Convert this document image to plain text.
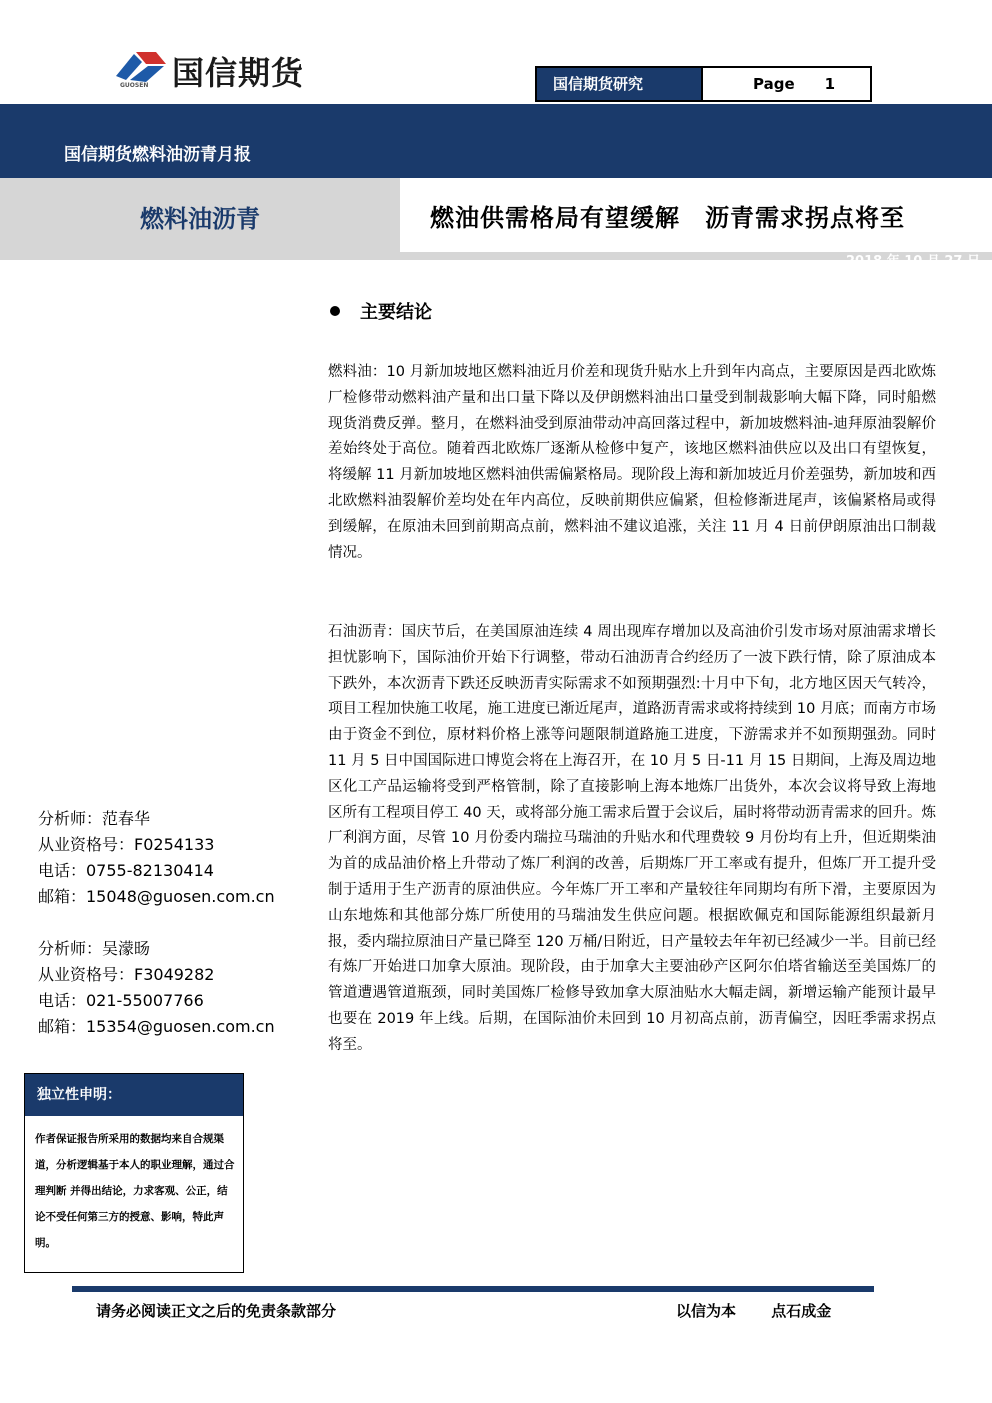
国信期货
GUOSEN	国信期货研究	Page 1
国信期货燃料油沥青月报
燃料油沥青	燃油供需格局有望缓解　沥青需求拐点将至
2018 年 10 月 27 日
主要结论
燃料油：10 月新加坡地区燃料油近月价差和现货升贴水上升到年内高点，主要原因是西北欧炼厂检修带动燃料油产量和出口量下降以及伊朗燃料油出口量受到制裁影响大幅下降，同时船燃现货消费反弹。整月，在燃料油受到原油带动冲高回落过程中，新加坡燃料油-迪拜原油裂解价差始终处于高位。随着西北欧炼厂逐渐从检修中复产，该地区燃料油供应以及出口有望恢复，将缓解 11 月新加坡地区燃料油供需偏紧格局。现阶段上海和新加坡近月价差强势，新加坡和西北欧燃料油裂解价差均处在年内高位，反映前期供应偏紧，但检修渐进尾声，该偏紧格局或得到缓解，在原油未回到前期高点前，燃料油不建议追涨，关注 11 月 4 日前伊朗原油出口制裁情况。
石油沥青：国庆节后，在美国原油连续 4 周出现库存增加以及高油价引发市场对原油需求增长担忧影响下，国际油价开始下行调整，带动石油沥青合约经历了一波下跌行情，除了原油成本下跌外，本次沥青下跌还反映沥青实际需求不如预期强烈:十月中下旬，北方地区因天气转冷，项目工程加快施工收尾，施工进度已渐近尾声，道路沥青需求或将持续到 10 月底；而南方市场由于资金不到位，原材料价格上涨等问题限制道路施工进度，下游需求并不如预期强劲。同时 11 月 5 日中国国际进口博览会将在上海召开，在 10 月 5 日-11 月 15 日期间，上海及周边地区化工产品运输将受到严格管制，除了直接影响上海本地炼厂出货外，本次会议将导致上海地区所有工程项目停工 40 天，或将部分施工需求后置于会议后，届时将带动沥青需求的回升。炼厂利润方面，尽管 10 月份委内瑞拉马瑞油的升贴水和代理费较 9 月份均有上升，但近期柴油为首的成品油价格上升带动了炼厂利润的改善，后期炼厂开工率或有提升，但炼厂开工提升受制于适用于生产沥青的原油供应。今年炼厂开工率和产量较往年同期均有所下滑，主要原因为山东地炼和其他部分炼厂所使用的马瑞油发生供应问题。根据欧佩克和国际能源组织最新月报，委内瑞拉原油日产量已降至 120 万桶/日附近，日产量较去年年初已经减少一半。目前已经有炼厂开始进口加拿大原油。现阶段，由于加拿大主要油砂产区阿尔伯塔省输送至美国炼厂的管道遭遇管道瓶颈，同时美国炼厂检修导致加拿大原油贴水大幅走阔，新增运输产能预计最早也要在 2019 年上线。后期，在国际油价未回到 10 月初高点前，沥青偏空，因旺季需求拐点将至。
分析师：范春华
从业资格号：F0254133
电话：0755-82130414
邮箱：15048@guosen.com.cn
分析师：吴濛旸
从业资格号：F3049282
电话：021-55007766
邮箱：15354@guosen.com.cn
独立性申明：
作者保证报告所采用的数据均来自合规渠道，分析逻辑基于本人的职业理解，通过合理判断 并得出结论，力求客观、公正，结论不受任何第三方的授意、影响，特此声明。
请务必阅读正文之后的免责条款部分	以信为本 点石成金
